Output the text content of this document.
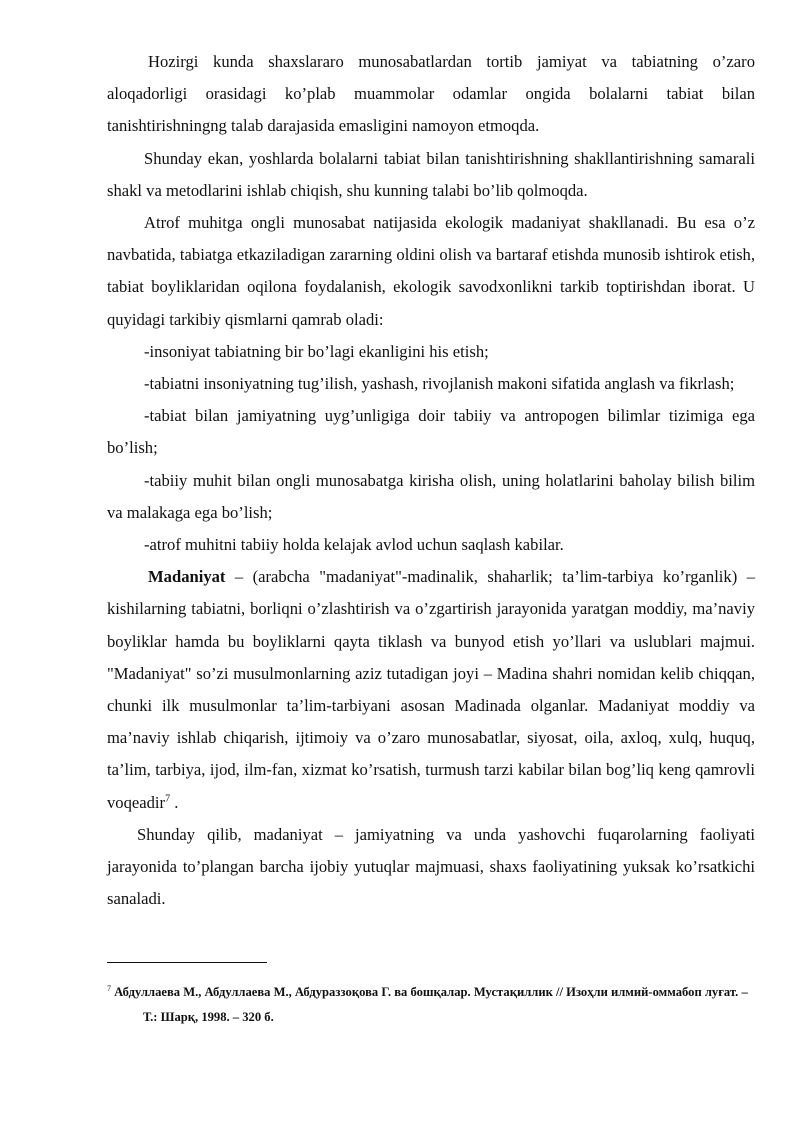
Hozirgi kunda shaxslararo munosabatlardan tortib jamiyat va tabiatning o’zaro aloqadorligi orasidagi ko’plab muammolar odamlar ongida bolalarni tabiat bilan tanishtirishningng talab darajasida emasligini namoyon etmoqda.

Shunday ekan, yoshlarda bolalarni tabiat bilan tanishtirishning shakllantirishning samarali shakl va metodlarini ishlab chiqish, shu kunning talabi bo’lib qolmoqda.

Atrof muhitga ongli munosabat natijasida ekologik madaniyat shakllanadi. Bu esa o’z navbatida, tabiatga etkaziladigan zararning oldini olish va bartaraf etishda munosib ishtirok etish, tabiat boyliklaridan oqilona foydalanish, ekologik savodxonlikni tarkib toptirishdan iborat. U quyidagi tarkibiy qismlarni qamrab oladi:

-insoniyat tabiatning bir bo’lagi ekanligini his etish;

-tabiatni insoniyatning tug’ilish, yashash, rivojlanish makoni sifatida anglash va fikrlash;

-tabiat bilan jamiyatning uyg’unligiga doir tabiiy va antropogen bilimlar tizimiga ega bo’lish;

-tabiiy muhit bilan ongli munosabatga kirisha olish, uning holatlarini baholay bilish bilim va malakaga ega bo’lish;

-atrof muhitni tabiiy holda kelajak avlod uchun saqlash kabilar.

Madaniyat – (arabcha "madaniyat"-madinalik, shaharlik; ta’lim-tarbiya ko’rganlik) – kishilarning tabiatni, borliqni o’zlashtirish va o’zgartirish jarayonida yaratgan moddiy, ma’naviy boyliklar hamda bu boyliklarni qayta tiklash va bunyod etish yo’llari va uslublari majmui. "Madaniyat" so’zi musulmonlarning aziz tutadigan joyi – Madina shahri nomidan kelib chiqqan, chunki ilk musulmonlar ta’lim-tarbiyani asosan Madinada olganlar. Madaniyat moddiy va ma’naviy ishlab chiqarish, ijtimoiy va o’zaro munosabatlar, siyosat, oila, axloq, xulq, huquq, ta’lim, tarbiya, ijod, ilm-fan, xizmat ko’rsatish, turmush tarzi kabilar bilan bog’liq keng qamrovli voqeadir$^7$ .

Shunday qilib, madaniyat – jamiyatning va unda yashovchi fuqarolarning faoliyati jarayonida to’plangan barcha ijobiy yutuqlar majmuasi, shaxs faoliyatining yuksak ko’rsatkichi sanaladi.

$^7$ Абдуллаева М., Абдуллаева М., Абдураззоқова Г. ва бошқалар. Мустақиллик // Изоҳли илмий-оммабоп луғат. – Т.: Шарқ, 1998. – 320 б.
